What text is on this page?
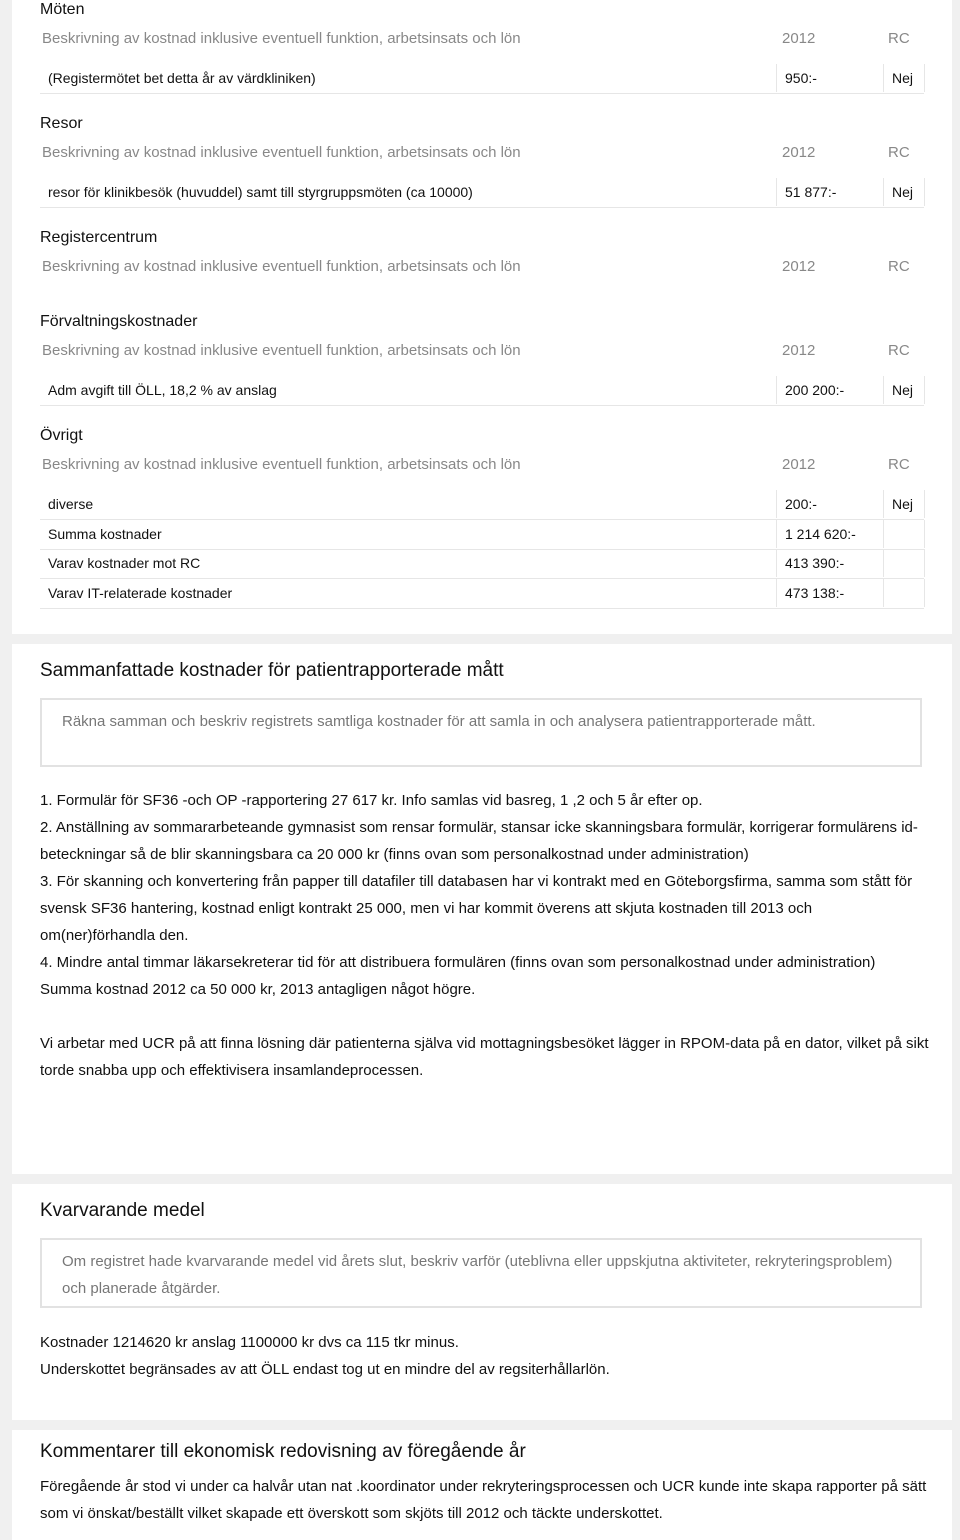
Möten
Beskrivning av kostnad inklusive eventuell funktion, arbetsinsats och lön	2012	RC
(Registermötet bet detta år av värdkliniken)	950:-	Nej
Resor
Beskrivning av kostnad inklusive eventuell funktion, arbetsinsats och lön	2012	RC
resor för klinikbesök (huvuddel) samt till styrgruppsmöten (ca 10000)	51 877:-	Nej
Registercentrum
Beskrivning av kostnad inklusive eventuell funktion, arbetsinsats och lön	2012	RC
Förvaltningskostnader
Beskrivning av kostnad inklusive eventuell funktion, arbetsinsats och lön	2012	RC
Adm avgift till ÖLL, 18,2 % av anslag	200 200:-	Nej
Övrigt
Beskrivning av kostnad inklusive eventuell funktion, arbetsinsats och lön	2012	RC
diverse	200:-	Nej
Summa kostnader	1 214 620:-
Varav kostnader mot RC	413 390:-
Varav IT-relaterade kostnader	473 138:-
Sammanfattade kostnader för patientrapporterade mått
Räkna samman och beskriv registrets samtliga kostnader för att samla in och analysera patientrapporterade mått.

1. Formulär för SF36 -och OP -rapportering 27 617 kr. Info samlas vid basreg, 1 ,2 och 5 år efter op.

2. Anställning av sommararbeteande gymnasist som rensar formulär, stansar icke skanningsbara formulär, korrigerar formulärens id-beteckningar så de blir skanningsbara ca 20 000 kr (finns ovan som personalkostnad under administration)

3. För skanning och konvertering från papper till datafiler till databasen har vi kontrakt med en Göteborgsfirma, samma som stått för svensk SF36 hantering, kostnad enligt kontrakt 25 000, men vi har kommit överens att skjuta kostnaden till 2013 och om(ner)förhandla den.

4. Mindre antal timmar läkarsekreterar tid för att distribuera formulären (finns ovan som personalkostnad under administration)

Summa kostnad 2012 ca 50 000 kr, 2013 antagligen något högre.

Vi arbetar med UCR på att finna lösning där patienterna själva vid mottagningsbesöket lägger in RPOM-data på en dator, vilket på sikt torde snabba upp och effektivisera insamlandeprocessen.

Kvarvarande medel
Om registret hade kvarvarande medel vid årets slut, beskriv varför (uteblivna eller uppskjutna aktiviteter, rekryteringsproblem) och planerade åtgärder.

Kostnader 1214620 kr anslag 1100000 kr dvs ca 115 tkr minus.

Underskottet begränsades av att ÖLL endast tog ut en mindre del av regsiterhållarlön.

Kommentarer till ekonomisk redovisning av föregående år

Föregående år stod vi under ca halvår utan nat .koordinator under rekryteringsprocessen och UCR kunde inte skapa rapporter på sätt som vi önskat/beställt vilket skapade ett överskott som skjöts till 2012 och täckte underskottet.
